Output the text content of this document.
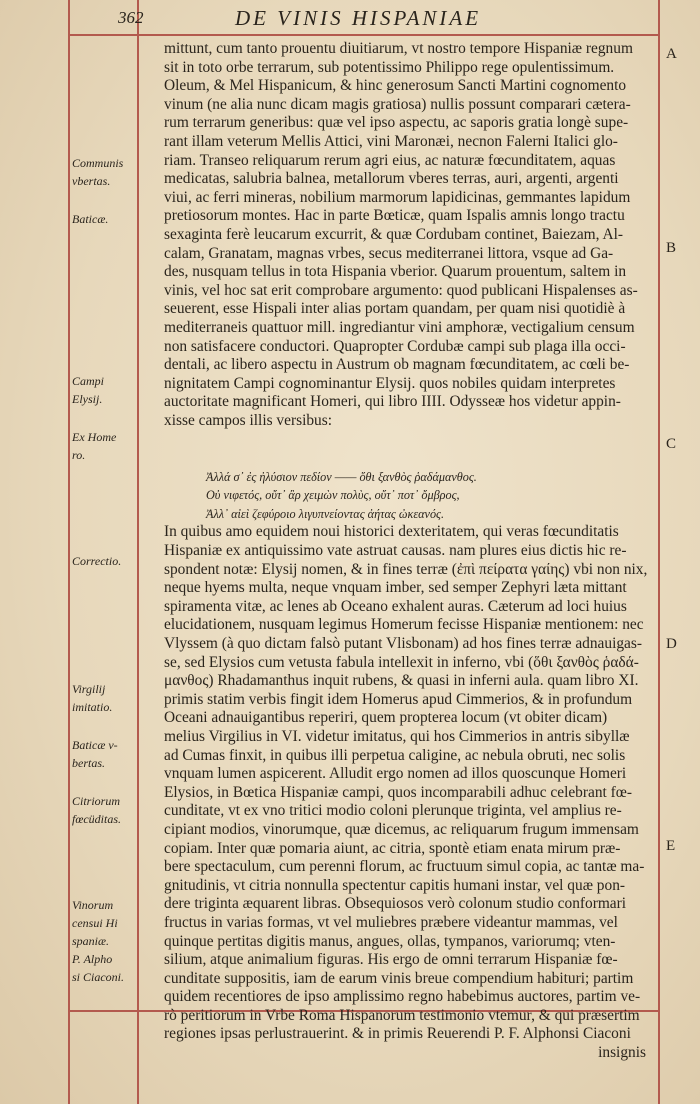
362	DE VINIS HISPANIAE
Communis
vbertas.
Baticæ.
Campi
Elysij.
Ex Home
ro.
Correctio.
Virgilij
imitatio.
Baticæ v-
bertas.
Citriorum
fœcüditas.
Vinorum
censui Hi
spaniæ.
P. Alpho
si Ciaconi.
A
B
C
D
E
mittunt, cum tanto prouentu diuitiarum, vt nostro tempore Hispaniæ regnum
sit in toto orbe terrarum, sub potentissimo Philippo rege opulentissimum.
Oleum, & Mel Hispanicum, & hinc generosum Sancti Martini cognomento
vinum (ne alia nunc dicam magis gratiosa) nullis possunt comparari cætera-
rum terrarum generibus: quæ vel ipso aspectu, ac saporis gratia longè supe-
rant illam veterum Mellis Attici, vini Maronæi, necnon Falerni Italici glo-
riam. Transeo reliquarum rerum agri eius, ac naturæ fœcunditatem, aquas
medicatas, salubria balnea, metallorum vberes terras, auri, argenti, argenti
viui, ac ferri mineras, nobilium marmorum lapidicinas, gemmantes lapidum
pretiosorum montes. Hac in parte Bœticæ, quam Ispalis amnis longo tractu
sexaginta ferè leucarum excurrit, & quæ Cordubam continet, Baiezam, Al-
calam, Granatam, magnas vrbes, secus mediterranei littora, vsque ad Ga-
des, nusquam tellus in tota Hispania vberior. Quarum prouentum, saltem in
vinis, vel hoc sat erit comprobare argumento: quod publicani Hispalenses as-
seuerent, esse Hispali inter alias portam quandam, per quam nisi quotidiè à
mediterraneis quattuor mill. ingrediantur vini amphoræ, vectigalium censum
non satisfacere conductori. Quapropter Cordubæ campi sub plaga illa occi-
dentali, ac libero aspectu in Austrum ob magnam fœcunditatem, ac cœli be-
nignitatem Campi cognominantur Elysij. quos nobiles quidam interpretes
auctoritate magnificant Homeri, qui libro IIII. Odysseæ hos videtur appin-
xisse campos illis versibus:
Ἀλλά σ᾽ ἐς ἠλύσιον πεδίον —— ὅθι ξανθὸς ῥαδάμανθος.
Οὐ νιφετός, οὔτ᾽ ἂρ χειμὼν πολὺς, οὔτ᾽ ποτ᾽ ὄμβρος,
Ἀλλ᾽ αἰεὶ ζεφύροιο λιγυπνείοντας ἀήτας ὠκεανός.
In quibus amo equidem noui historici dexteritatem, qui veras fœcunditatis
Hispaniæ ex antiquissimo vate astruat causas. nam plures eius dictis hic re-
spondent notæ: Elysij nomen, & in fines terræ (ἐπὶ πείρατα γαίης) vbi non nix,
neque hyems multa, neque vnquam imber, sed semper Zephyri læta mittant
spiramenta vitæ, ac lenes ab Oceano exhalent auras. Cæterum ad loci huius
elucidationem, nusquam legimus Homerum fecisse Hispaniæ mentionem: nec
Vlyssem (à quo dictam falsò putant Vlisbonam) ad hos fines terræ adnauigas-
se, sed Elysios cum vetusta fabula intellexit in inferno, vbi (ὅθι ξανθὸς ῥαδά-
μανθος) Rhadamanthus inquit rubens, & quasi in inferni aula. quam libro XI.
primis statim verbis fingit idem Homerus apud Cimmerios, & in profundum
Oceani adnauigantibus reperiri, quem propterea locum (vt obiter dicam)
melius Virgilius in VI. videtur imitatus, qui hos Cimmerios in antris sibyllæ
ad Cumas finxit, in quibus illi perpetua caligine, ac nebula obruti, nec solis
vnquam lumen aspicerent. Alludit ergo nomen ad illos quoscunque Homeri
Elysios, in Bœtica Hispaniæ campi, quos incomparabili adhuc celebrant fœ-
cunditate, vt ex vno tritici modio coloni plerunque triginta, vel amplius re-
cipiant modios, vinorumque, quæ dicemus, ac reliquarum frugum immensam
copiam. Inter quæ pomaria aiunt, ac citria, spontè etiam enata mirum præ-
bere spectaculum, cum perenni florum, ac fructuum simul copia, ac tantæ ma-
gnitudinis, vt citria nonnulla spectentur capitis humani instar, vel quæ pon-
dere triginta æquarent libras. Obsequiosos verò colonum studio conformari
fructus in varias formas, vt vel muliebres præbere videantur mammas, vel
quinque pertitas digitis manus, angues, ollas, tympanos, variorumq; vten-
silium, atque animalium figuras. His ergo de omni terrarum Hispaniæ fœ-
cunditate suppositis, iam de earum vinis breue compendium habituri; partim
quidem recentiores de ipso amplissimo regno habebimus auctores, partim ve-
rò peritiorum in Vrbe Roma Hispanorum testimonio vtemur, & qui præsertim
regiones ipsas perlustrauerint. & in primis Reuerendi P. F. Alphonsi Ciaconi
insignis
